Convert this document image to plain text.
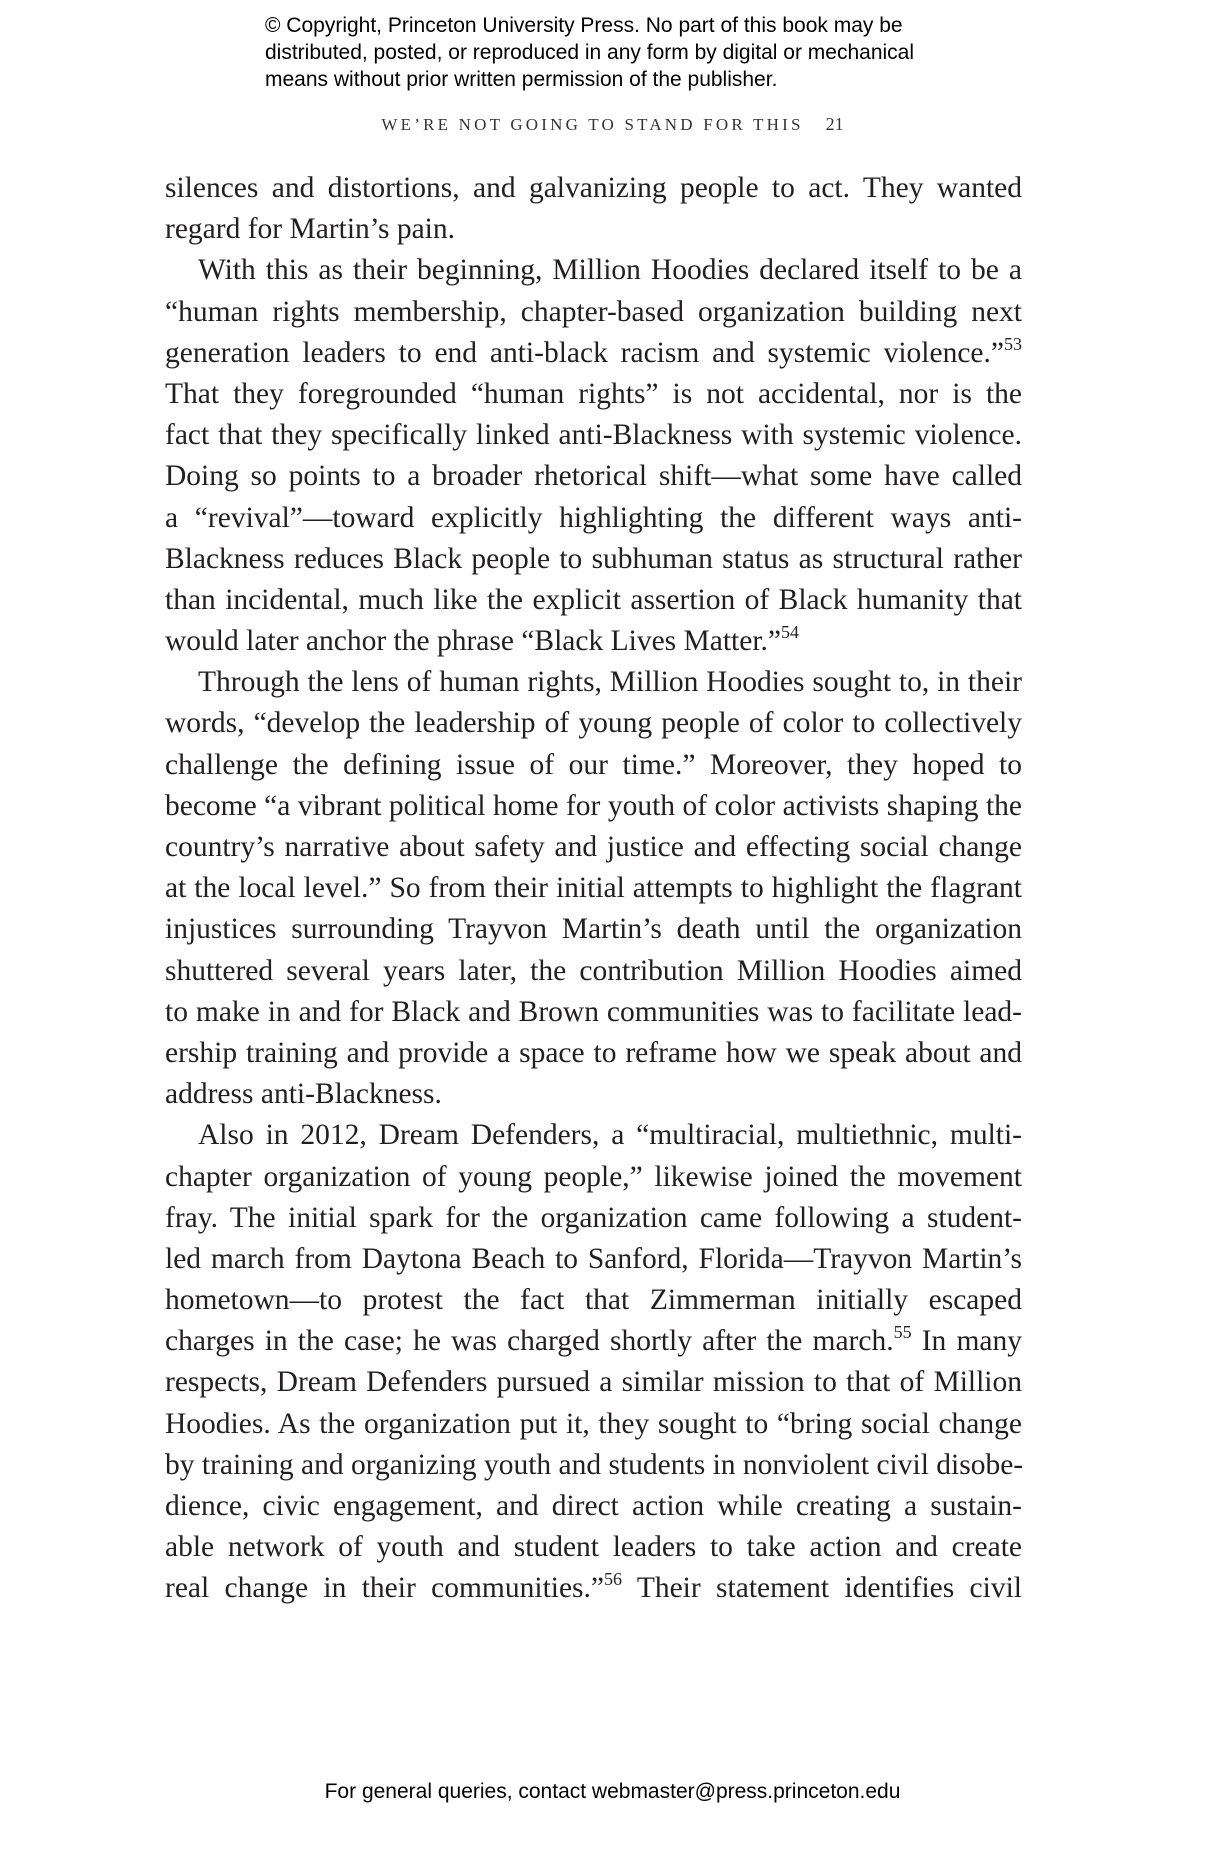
© Copyright, Princeton University Press. No part of this book may be
distributed, posted, or reproduced in any form by digital or mechanical
means without prior written permission of the publisher.
WE’RE NOT GOING TO STAND FOR THIS 21
silences and distortions, and galvanizing people to act. They wanted
regard for Martin’s pain.
With this as their beginning, Million Hoodies declared itself to be a
“human rights membership, chapter-based organization building next
generation leaders to end anti-black racism and systemic violence.”$^{53}$
That they foregrounded “human rights” is not accidental, nor is the
fact that they specifically linked anti-Blackness with systemic violence.
Doing so points to a broader rhetorical shift—what some have called
a “revival”—toward explicitly highlighting the different ways anti-
Blackness reduces Black people to subhuman status as structural rather
than incidental, much like the explicit assertion of Black humanity that
would later anchor the phrase “Black Lives Matter.”$^{54}$
Through the lens of human rights, Million Hoodies sought to, in their
words, “develop the leadership of young people of color to collectively
challenge the defining issue of our time.” Moreover, they hoped to
become “a vibrant political home for youth of color activists shaping the
country’s narrative about safety and justice and effecting social change
at the local level.” So from their initial attempts to highlight the flagrant
injustices surrounding Trayvon Martin’s death until the organization
shuttered several years later, the contribution Million Hoodies aimed
to make in and for Black and Brown communities was to facilitate lead-
ership training and provide a space to reframe how we speak about and
address anti-Blackness.
Also in 2012, Dream Defenders, a “multiracial, multiethnic, multi-
chapter organization of young people,” likewise joined the movement
fray. The initial spark for the organization came following a student-
led march from Daytona Beach to Sanford, Florida—Trayvon Martin’s
hometown—to protest the fact that Zimmerman initially escaped
charges in the case; he was charged shortly after the march.$^{55}$ In many
respects, Dream Defenders pursued a similar mission to that of Million
Hoodies. As the organization put it, they sought to “bring social change
by training and organizing youth and students in nonviolent civil disobe-
dience, civic engagement, and direct action while creating a sustain-
able network of youth and student leaders to take action and create
real change in their communities.”$^{56}$ Their statement identifies civil
For general queries, contact webmaster@press.princeton.edu
